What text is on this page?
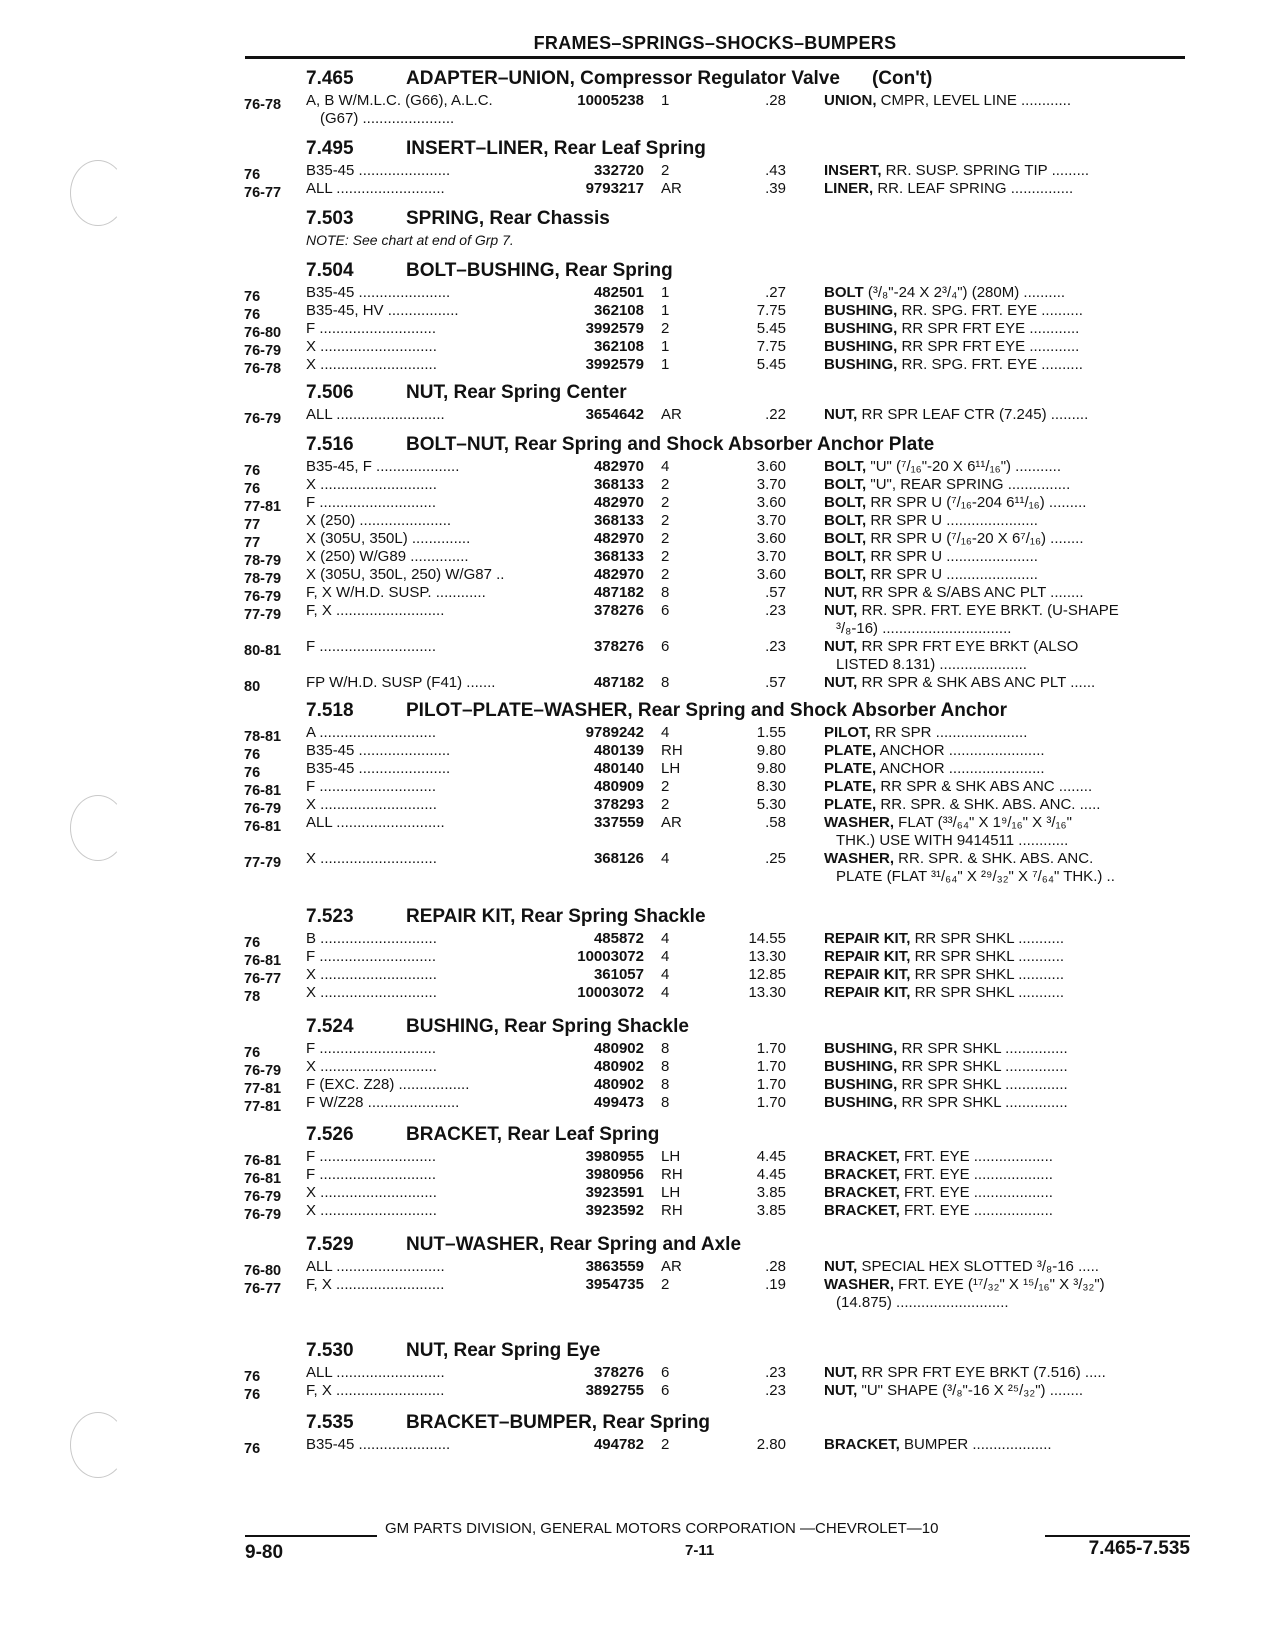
FRAMES–SPRINGS–SHOCKS–BUMPERS
7.465	ADAPTER–UNION, Compressor Regulator Valve (Con't)
76-78	A, B W/M.L.C. (G66), A.L.C.	10005238 1	.28	UNION, CMPR, LEVEL LINE ............
(G67) ......................
7.495	INSERT–LINER, Rear Leaf Spring
76	B35-45 ......................	332720 2	.43	INSERT, RR. SUSP. SPRING TIP .........
76-77	ALL ..........................	9793217 AR	.39	LINER, RR. LEAF SPRING ...............
7.503	SPRING, Rear Chassis
NOTE: See chart at end of Grp 7.
7.504	BOLT–BUSHING, Rear Spring
76	B35-45 ......................	482501 1	.27	BOLT (³/₈"-24 X 2³/₄") (280M) ..........
76	B35-45, HV .................	362108 1	7.75	BUSHING, RR. SPG. FRT. EYE ..........
76-80	F ............................	3992579 2	5.45	BUSHING, RR SPR FRT EYE ............
76-79	X ............................	362108 1	7.75	BUSHING, RR SPR FRT EYE ............
76-78	X ............................	3992579 1	5.45	BUSHING, RR. SPG. FRT. EYE ..........
7.506	NUT, Rear Spring Center
76-79	ALL ..........................	3654642 AR	.22	NUT, RR SPR LEAF CTR (7.245) .........
7.516	BOLT–NUT, Rear Spring and Shock Absorber Anchor Plate
76	B35-45, F ....................	482970 4	3.60	BOLT, "U" (⁷/₁₆"-20 X 6¹¹/₁₆") ...........
76	X ............................	368133 2	3.70	BOLT, "U", REAR SPRING ...............
77-81	F ............................	482970 2	3.60	BOLT, RR SPR U (⁷/₁₆-204 6¹¹/₁₆) .........
77	X (250) ......................	368133 2	3.70	BOLT, RR SPR U ......................
77	X (305U, 350L) ..............	482970 2	3.60	BOLT, RR SPR U (⁷/₁₆-20 X 6⁷/₁₆) ........
78-79	X (250) W/G89 ..............	368133 2	3.70	BOLT, RR SPR U ......................
78-79	X (305U, 350L, 250) W/G87 ..	482970 2	3.60	BOLT, RR SPR U ......................
76-79	F, X W/H.D. SUSP. ............	487182 8	.57	NUT, RR SPR & S/ABS ANC PLT ........
77-79	F, X ..........................	378276 6	.23	NUT, RR. SPR. FRT. EYE BRKT. (U-SHAPE
³/₈-16) ...............................
80-81	F ............................	378276 6	.23	NUT, RR SPR FRT EYE BRKT (ALSO
LISTED 8.131) .....................
80	FP W/H.D. SUSP (F41) .......	487182 8	.57	NUT, RR SPR & SHK ABS ANC PLT ......
7.518	PILOT–PLATE–WASHER, Rear Spring and Shock Absorber Anchor
78-81	A ............................	9789242 4	1.55	PILOT, RR SPR ......................
76	B35-45 ......................	480139 RH	9.80	PLATE, ANCHOR .......................
76	B35-45 ......................	480140 LH	9.80	PLATE, ANCHOR .......................
76-81	F ............................	480909 2	8.30	PLATE, RR SPR & SHK ABS ANC ........
76-79	X ............................	378293 2	5.30	PLATE, RR. SPR. & SHK. ABS. ANC. .....
76-81	ALL ..........................	337559 AR	.58	WASHER, FLAT (³³/₆₄" X 1⁹/₁₆" X ³/₁₆"
THK.) USE WITH 9414511 ............
77-79	X ............................	368126 4	.25	WASHER, RR. SPR. & SHK. ABS. ANC.
PLATE (FLAT ³¹/₆₄" X ²⁹/₃₂" X ⁷/₆₄" THK.) ..
7.523	REPAIR KIT, Rear Spring Shackle
76	B ............................	485872 4	14.55	REPAIR KIT, RR SPR SHKL ...........
76-81	F ............................	10003072 4	13.30	REPAIR KIT, RR SPR SHKL ...........
76-77	X ............................	361057 4	12.85	REPAIR KIT, RR SPR SHKL ...........
78	X ............................	10003072 4	13.30	REPAIR KIT, RR SPR SHKL ...........
7.524	BUSHING, Rear Spring Shackle
76	F ............................	480902 8	1.70	BUSHING, RR SPR SHKL ...............
76-79	X ............................	480902 8	1.70	BUSHING, RR SPR SHKL ...............
77-81	F (EXC. Z28) .................	480902 8	1.70	BUSHING, RR SPR SHKL ...............
77-81	F W/Z28 ......................	499473 8	1.70	BUSHING, RR SPR SHKL ...............
7.526	BRACKET, Rear Leaf Spring
76-81	F ............................	3980955 LH	4.45	BRACKET, FRT. EYE ...................
76-81	F ............................	3980956 RH	4.45	BRACKET, FRT. EYE ...................
76-79	X ............................	3923591 LH	3.85	BRACKET, FRT. EYE ...................
76-79	X ............................	3923592 RH	3.85	BRACKET, FRT. EYE ...................
7.529	NUT–WASHER, Rear Spring and Axle
76-80	ALL ..........................	3863559 AR	.28	NUT, SPECIAL HEX SLOTTED ³/₈-16 .....
76-77	F, X ..........................	3954735 2	.19	WASHER, FRT. EYE (¹⁷/₃₂" X ¹⁵/₁₆" X ³/₃₂")
(14.875) ...........................
7.530	NUT, Rear Spring Eye
76	ALL ..........................	378276 6	.23	NUT, RR SPR FRT EYE BRKT (7.516) .....
76	F, X ..........................	3892755 6	.23	NUT, "U" SHAPE (³/₈"-16 X ²⁵/₃₂") ........
7.535	BRACKET–BUMPER, Rear Spring
76	B35-45 ......................	494782 2	2.80	BRACKET, BUMPER ...................
GM PARTS DIVISION, GENERAL MOTORS CORPORATION —CHEVROLET—10
9-80	7-11	7.465-7.535
